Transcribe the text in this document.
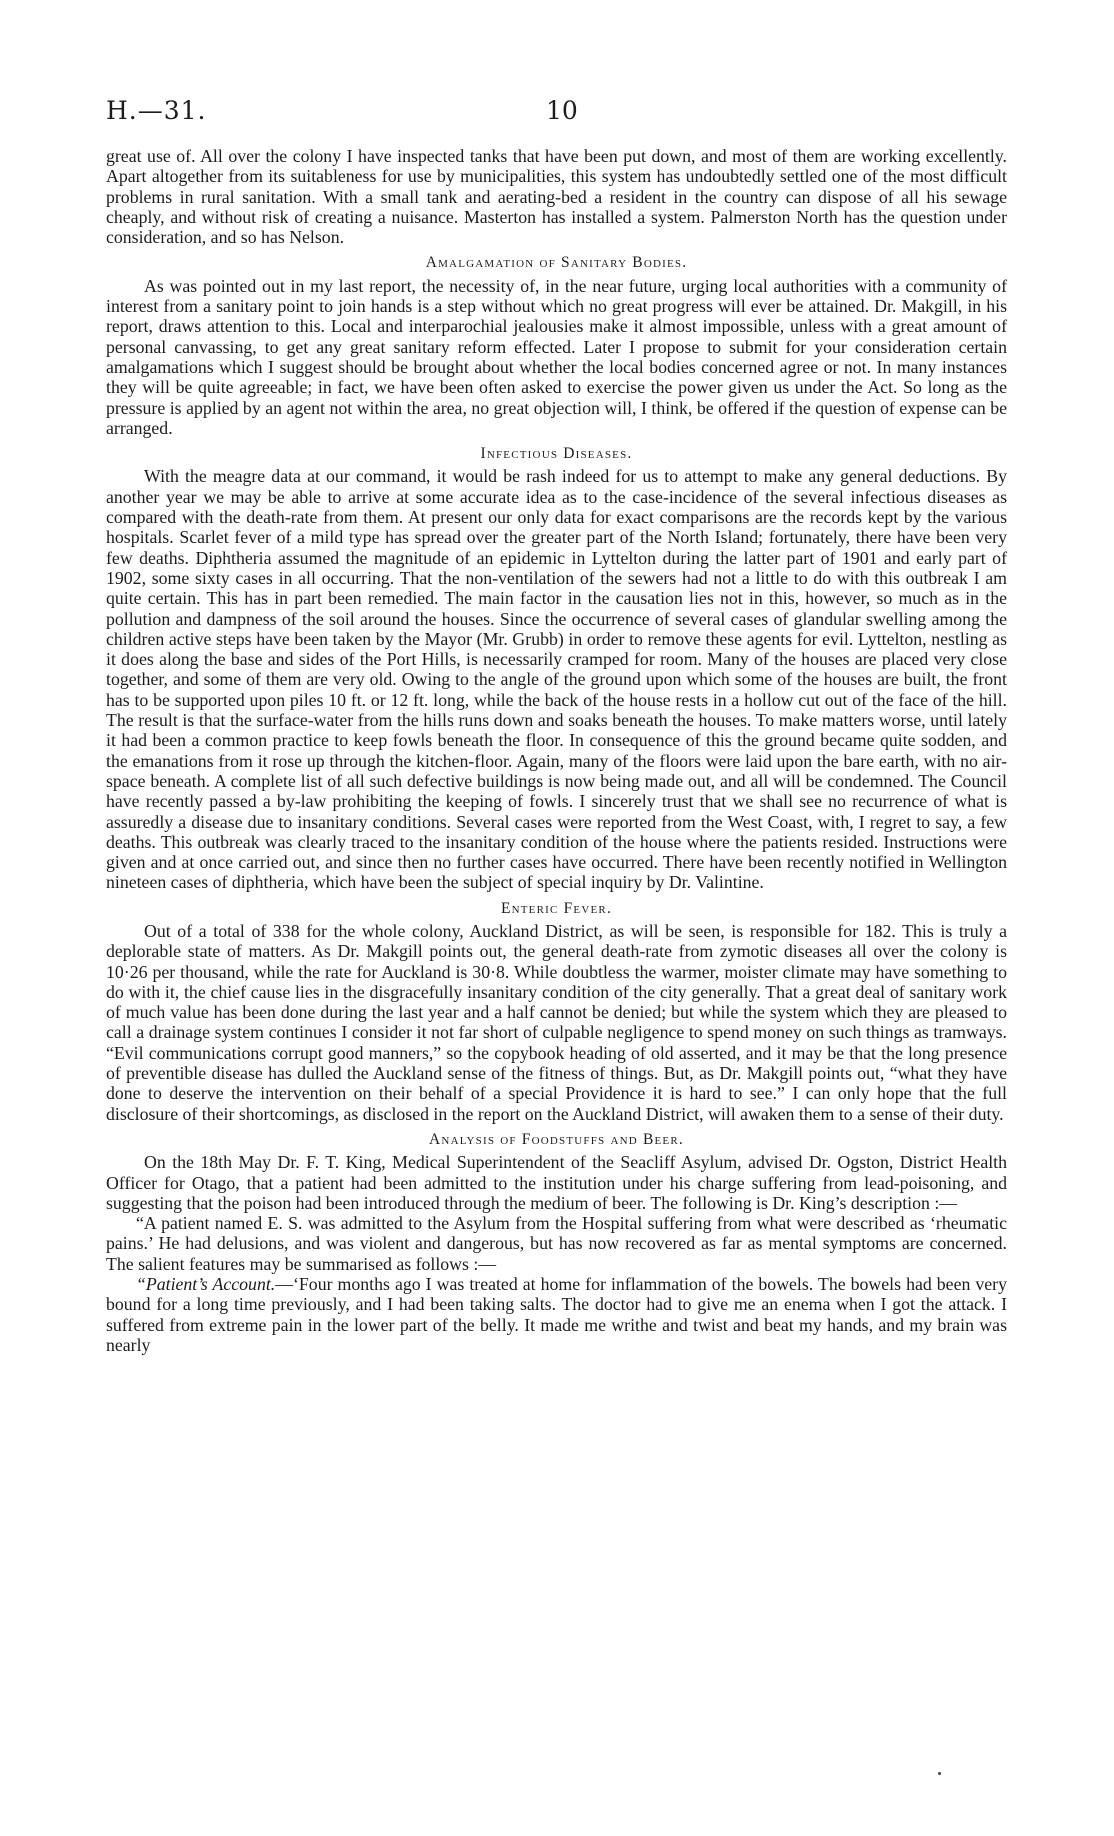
H.—31.	10

great use of. All over the colony I have inspected tanks that have been put down, and most of them are working excellently. Apart altogether from its suitableness for use by municipalities, this system has undoubtedly settled one of the most difficult problems in rural sanitation. With a small tank and aerating-bed a resident in the country can dispose of all his sewage cheaply, and without risk of creating a nuisance. Masterton has installed a system. Palmerston North has the question under consideration, and so has Nelson.

Amalgamation of Sanitary Bodies.

As was pointed out in my last report, the necessity of, in the near future, urging local authorities with a community of interest from a sanitary point to join hands is a step without which no great progress will ever be attained. Dr. Makgill, in his report, draws attention to this. Local and interparochial jealousies make it almost impossible, unless with a great amount of personal canvassing, to get any great sanitary reform effected. Later I propose to submit for your consideration certain amalgamations which I suggest should be brought about whether the local bodies concerned agree or not. In many instances they will be quite agreeable; in fact, we have been often asked to exercise the power given us under the Act. So long as the pressure is applied by an agent not within the area, no great objection will, I think, be offered if the question of expense can be arranged.

Infectious Diseases.

With the meagre data at our command, it would be rash indeed for us to attempt to make any general deductions. By another year we may be able to arrive at some accurate idea as to the case-incidence of the several infectious diseases as compared with the death-rate from them. At present our only data for exact comparisons are the records kept by the various hospitals. Scarlet fever of a mild type has spread over the greater part of the North Island; fortunately, there have been very few deaths. Diphtheria assumed the magnitude of an epidemic in Lyttelton during the latter part of 1901 and early part of 1902, some sixty cases in all occurring. That the non-ventilation of the sewers had not a little to do with this outbreak I am quite certain. This has in part been remedied. The main factor in the causation lies not in this, however, so much as in the pollution and dampness of the soil around the houses. Since the occurrence of several cases of glandular swelling among the children active steps have been taken by the Mayor (Mr. Grubb) in order to remove these agents for evil. Lyttelton, nestling as it does along the base and sides of the Port Hills, is necessarily cramped for room. Many of the houses are placed very close together, and some of them are very old. Owing to the angle of the ground upon which some of the houses are built, the front has to be supported upon piles 10 ft. or 12 ft. long, while the back of the house rests in a hollow cut out of the face of the hill. The result is that the surface-water from the hills runs down and soaks beneath the houses. To make matters worse, until lately it had been a common practice to keep fowls beneath the floor. In consequence of this the ground became quite sodden, and the emanations from it rose up through the kitchen-floor. Again, many of the floors were laid upon the bare earth, with no air-space beneath. A complete list of all such defective buildings is now being made out, and all will be condemned. The Council have recently passed a by-law prohibiting the keeping of fowls. I sincerely trust that we shall see no recurrence of what is assuredly a disease due to insanitary conditions. Several cases were reported from the West Coast, with, I regret to say, a few deaths. This outbreak was clearly traced to the insanitary condition of the house where the patients resided. Instructions were given and at once carried out, and since then no further cases have occurred. There have been recently notified in Wellington nineteen cases of diphtheria, which have been the subject of special inquiry by Dr. Valintine.

Enteric Fever.

Out of a total of 338 for the whole colony, Auckland District, as will be seen, is responsible for 182. This is truly a deplorable state of matters. As Dr. Makgill points out, the general death-rate from zymotic diseases all over the colony is 10·26 per thousand, while the rate for Auckland is 30·8. While doubtless the warmer, moister climate may have something to do with it, the chief cause lies in the disgracefully insanitary condition of the city generally. That a great deal of sanitary work of much value has been done during the last year and a half cannot be denied; but while the system which they are pleased to call a drainage system continues I consider it not far short of culpable negligence to spend money on such things as tramways. “Evil communications corrupt good manners,” so the copybook heading of old asserted, and it may be that the long presence of preventible disease has dulled the Auckland sense of the fitness of things. But, as Dr. Makgill points out, “what they have done to deserve the intervention on their behalf of a special Providence it is hard to see.” I can only hope that the full disclosure of their shortcomings, as disclosed in the report on the Auckland District, will awaken them to a sense of their duty.

Analysis of Foodstuffs and Beer.

On the 18th May Dr. F. T. King, Medical Superintendent of the Seacliff Asylum, advised Dr. Ogston, District Health Officer for Otago, that a patient had been admitted to the institution under his charge suffering from lead-poisoning, and suggesting that the poison had been introduced through the medium of beer. The following is Dr. King’s description :—

“A patient named E. S. was admitted to the Asylum from the Hospital suffering from what were described as ‘rheumatic pains.’ He had delusions, and was violent and dangerous, but has now recovered as far as mental symptoms are concerned. The salient features may be summarised as follows :—

“Patient’s Account.—‘Four months ago I was treated at home for inflammation of the bowels. The bowels had been very bound for a long time previously, and I had been taking salts. The doctor had to give me an enema when I got the attack. I suffered from extreme pain in the lower part of the belly. It made me writhe and twist and beat my hands, and my brain was nearly
